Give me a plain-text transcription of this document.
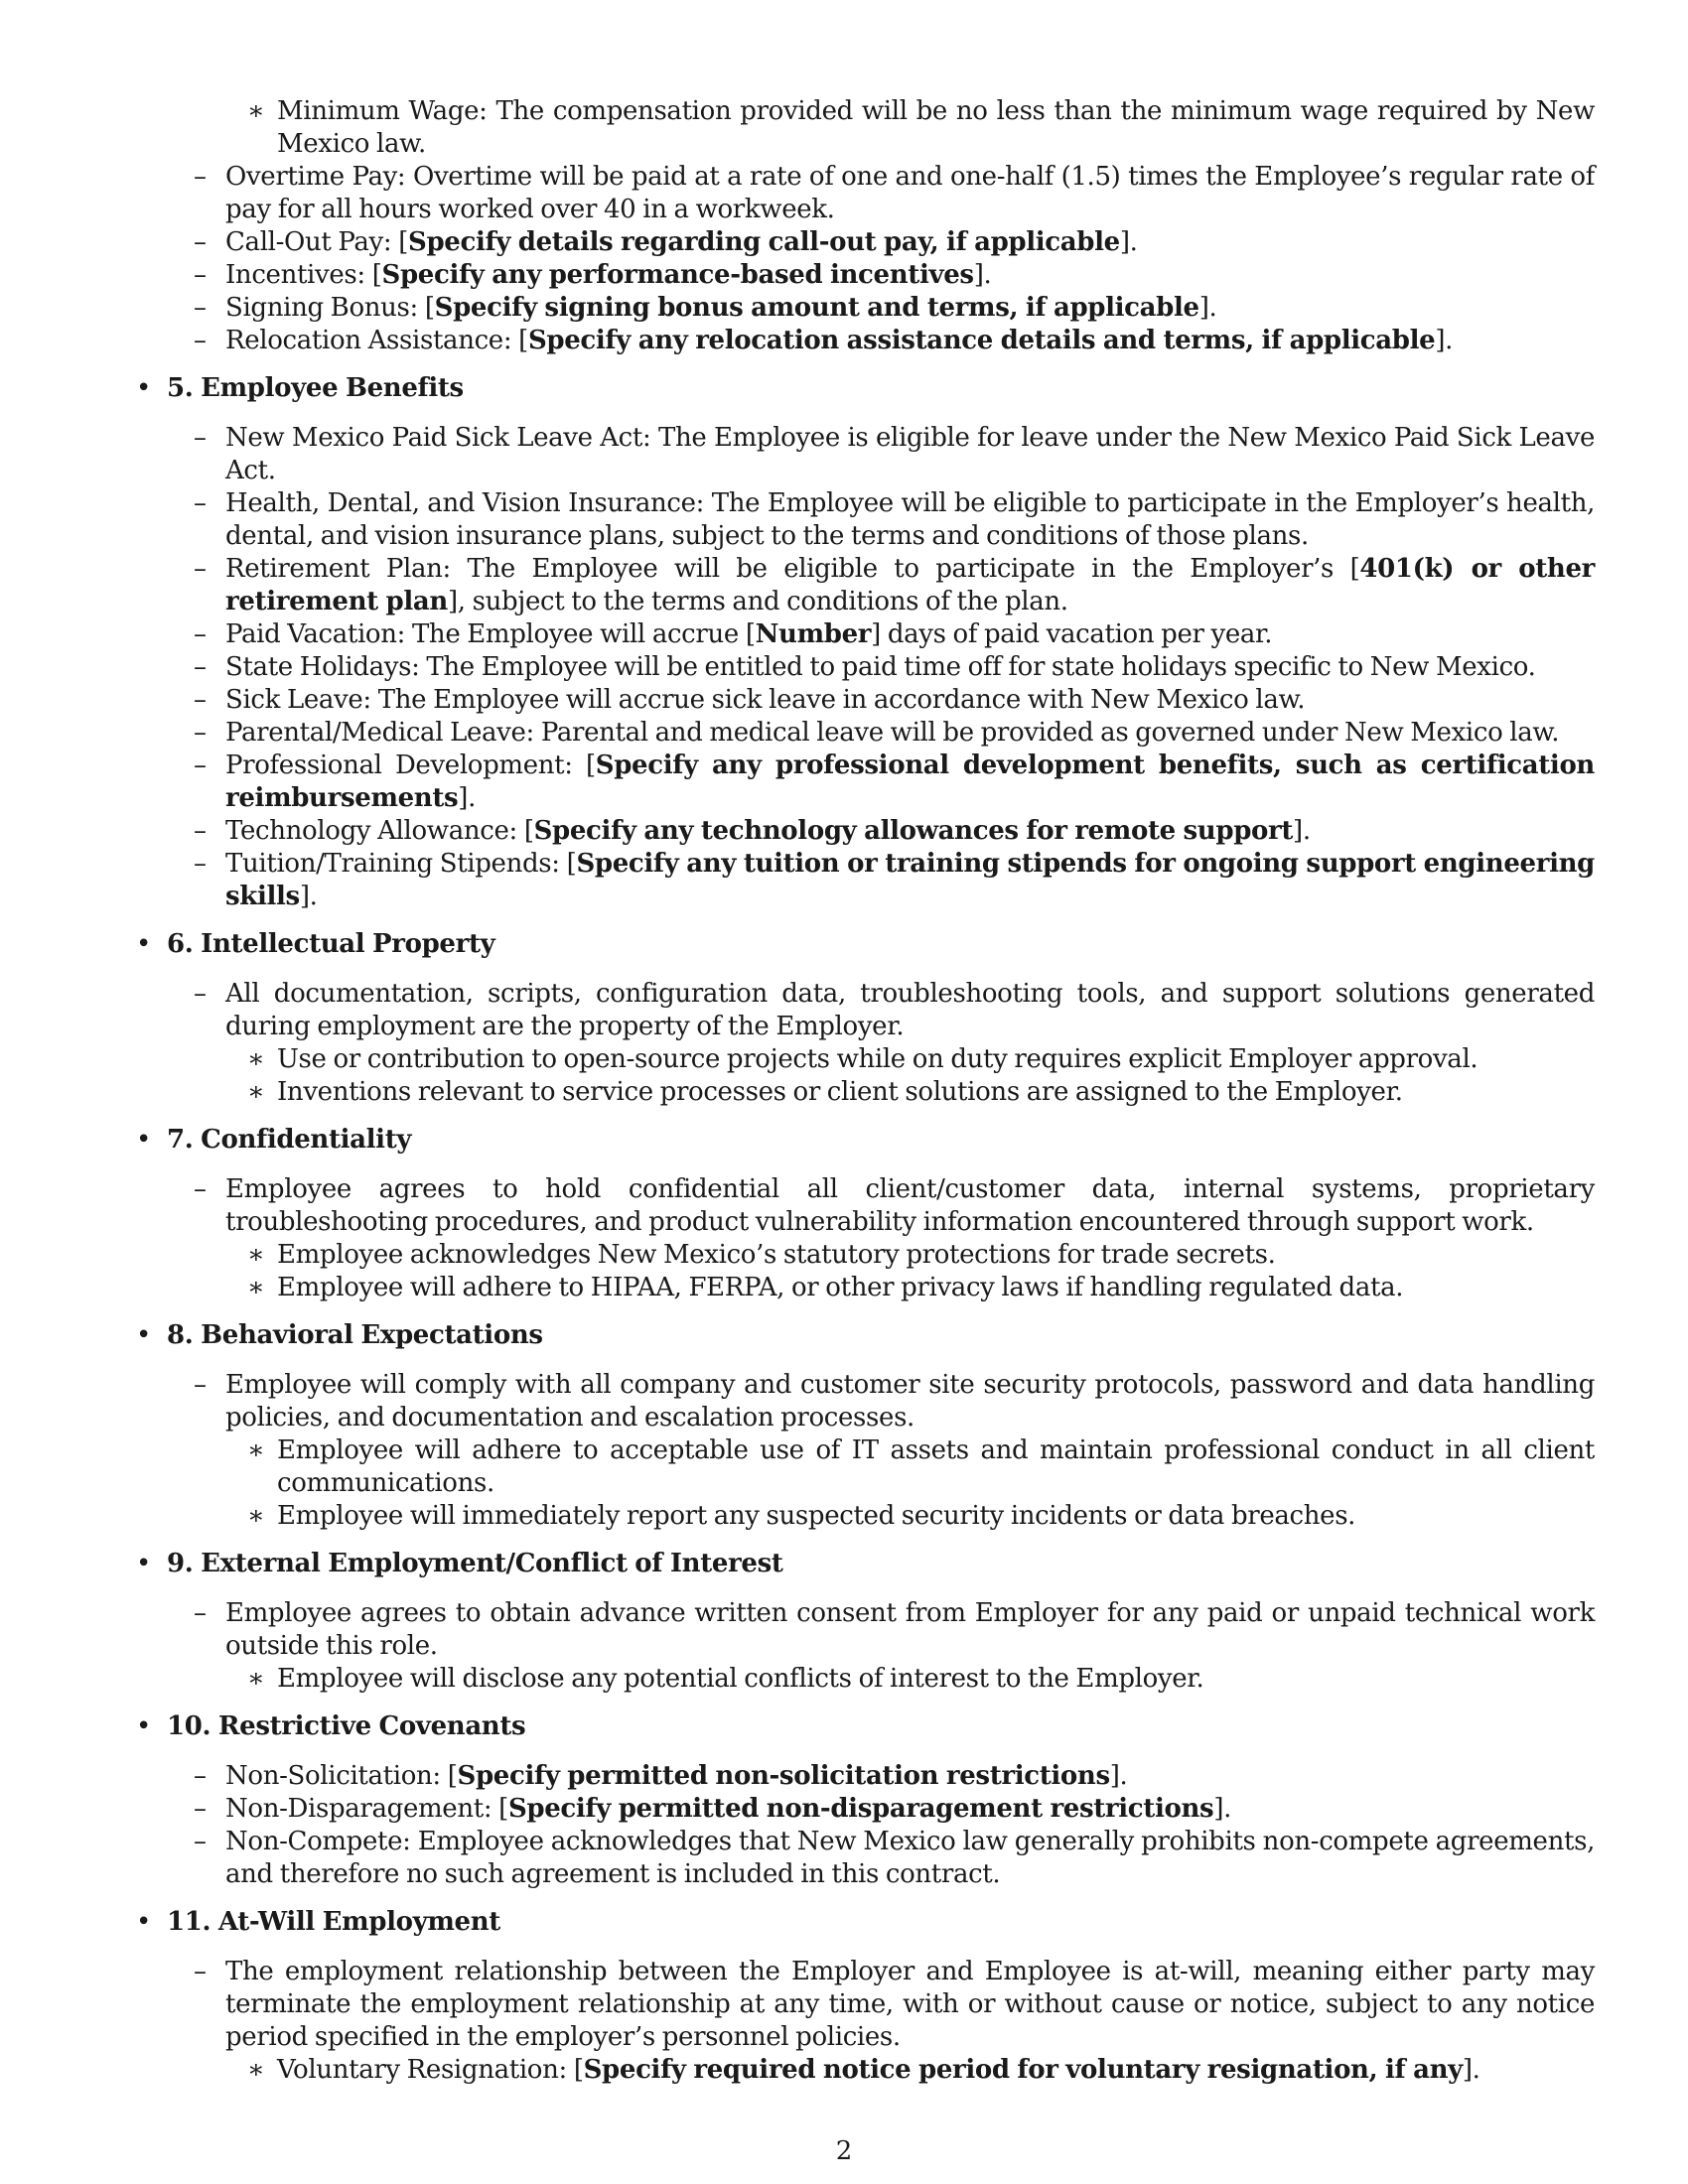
∗ Minimum Wage: The compensation provided will be no less than the minimum wage required by New Mexico law.
– Overtime Pay: Overtime will be paid at a rate of one and one-half (1.5) times the Employee’s regular rate of pay for all hours worked over 40 in a workweek.
– Call-Out Pay: [Specify details regarding call-out pay, if applicable].
– Incentives: [Specify any performance-based incentives].
– Signing Bonus: [Specify signing bonus amount and terms, if applicable].
– Relocation Assistance: [Specify any relocation assistance details and terms, if applicable].
• 5. Employee Benefits
– New Mexico Paid Sick Leave Act: The Employee is eligible for leave under the New Mexico Paid Sick Leave Act.
– Health, Dental, and Vision Insurance: The Employee will be eligible to participate in the Employer’s health, dental, and vision insurance plans, subject to the terms and conditions of those plans.
– Retirement Plan: The Employee will be eligible to participate in the Employer’s [401(k) or other retirement plan], subject to the terms and conditions of the plan.
– Paid Vacation: The Employee will accrue [Number] days of paid vacation per year.
– State Holidays: The Employee will be entitled to paid time off for state holidays specific to New Mexico.
– Sick Leave: The Employee will accrue sick leave in accordance with New Mexico law.
– Parental/Medical Leave: Parental and medical leave will be provided as governed under New Mexico law.
– Professional Development: [Specify any professional development benefits, such as certification reimbursements].
– Technology Allowance: [Specify any technology allowances for remote support].
– Tuition/Training Stipends: [Specify any tuition or training stipends for ongoing support engineering skills].
• 6. Intellectual Property
– All documentation, scripts, configuration data, troubleshooting tools, and support solutions generated during employment are the property of the Employer.
∗ Use or contribution to open-source projects while on duty requires explicit Employer approval.
∗ Inventions relevant to service processes or client solutions are assigned to the Employer.
• 7. Confidentiality
– Employee agrees to hold confidential all client/customer data, internal systems, proprietary troubleshooting procedures, and product vulnerability information encountered through support work.
∗ Employee acknowledges New Mexico’s statutory protections for trade secrets.
∗ Employee will adhere to HIPAA, FERPA, or other privacy laws if handling regulated data.
• 8. Behavioral Expectations
– Employee will comply with all company and customer site security protocols, password and data handling policies, and documentation and escalation processes.
∗ Employee will adhere to acceptable use of IT assets and maintain professional conduct in all client communications.
∗ Employee will immediately report any suspected security incidents or data breaches.
• 9. External Employment/Conflict of Interest
– Employee agrees to obtain advance written consent from Employer for any paid or unpaid technical work outside this role.
∗ Employee will disclose any potential conflicts of interest to the Employer.
• 10. Restrictive Covenants
– Non-Solicitation: [Specify permitted non-solicitation restrictions].
– Non-Disparagement: [Specify permitted non-disparagement restrictions].
– Non-Compete: Employee acknowledges that New Mexico law generally prohibits non-compete agreements, and therefore no such agreement is included in this contract.
• 11. At-Will Employment
– The employment relationship between the Employer and Employee is at-will, meaning either party may terminate the employment relationship at any time, with or without cause or notice, subject to any notice period specified in the employer’s personnel policies.
∗ Voluntary Resignation: [Specify required notice period for voluntary resignation, if any].
2
